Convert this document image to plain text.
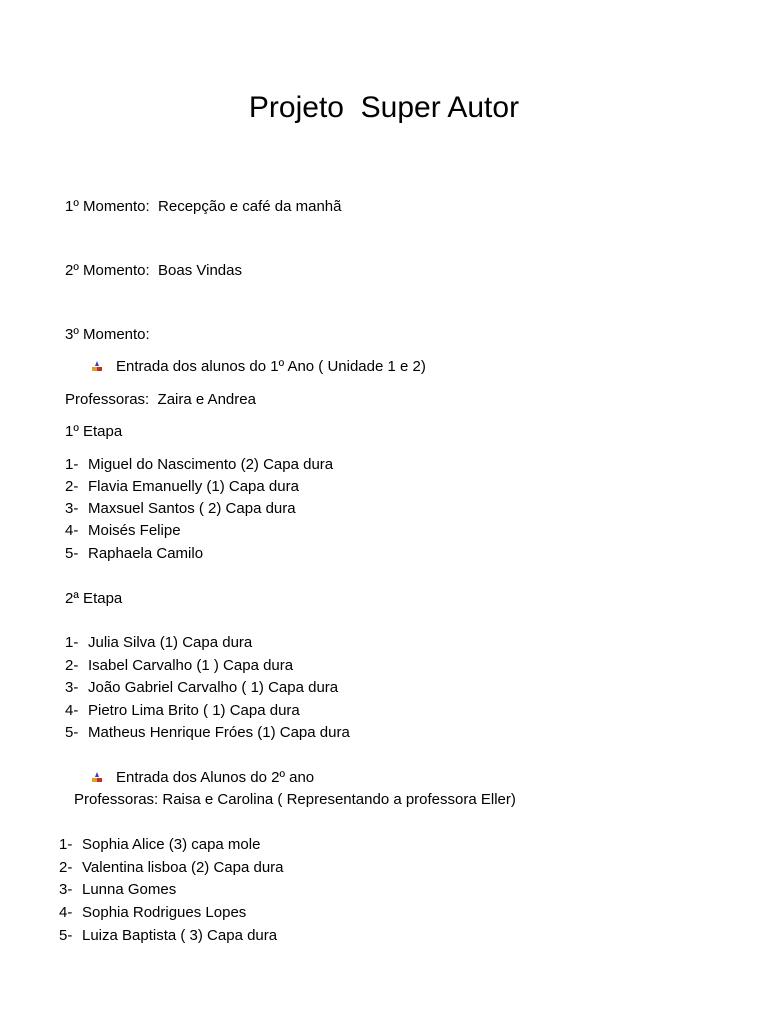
Projeto  Super Autor
1º Momento:  Recepção e café da manhã
2º Momento:  Boas Vindas
3º Momento:
Entrada dos alunos do 1º Ano ( Unidade 1 e 2)
Professoras:  Zaira e Andrea
1º Etapa
1- Miguel do Nascimento (2) Capa dura
2- Flavia Emanuelly (1) Capa dura
3- Maxsuel Santos ( 2) Capa dura
4- Moisés Felipe
5- Raphaela Camilo
2ª Etapa
1- Julia Silva (1) Capa dura
2- Isabel Carvalho (1 ) Capa dura
3- João Gabriel Carvalho ( 1) Capa dura
4- Pietro Lima Brito ( 1) Capa dura
5- Matheus Henrique Fróes (1) Capa dura
Entrada dos Alunos do 2º ano
Professoras: Raisa e Carolina ( Representando a professora Eller)
1- Sophia Alice (3) capa mole
2- Valentina lisboa (2) Capa dura
3- Lunna Gomes
4- Sophia Rodrigues Lopes
5- Luiza Baptista ( 3) Capa dura
